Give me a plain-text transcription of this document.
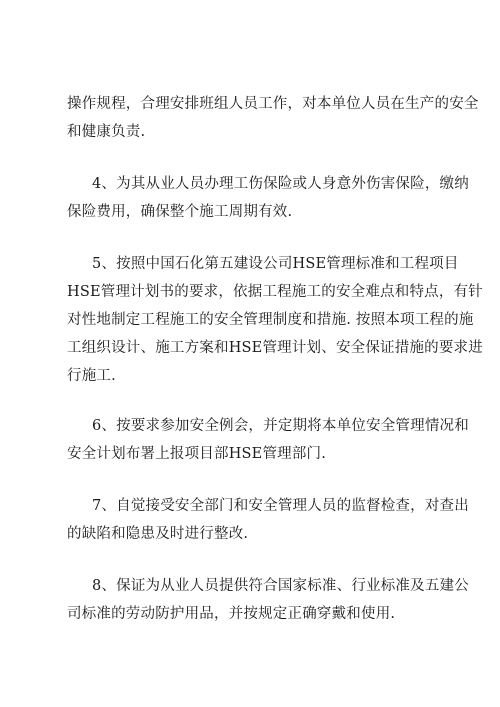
操作规程，合理安排班组人员工作，对本单位人员在生产的安全
和健康负责.
4、为其从业人员办理工伤保险或人身意外伤害保险，缴纳
保险费用，确保整个施工周期有效.
5、按照中国石化第五建设公司HSE管理标准和工程项目
HSE管理计划书的要求，依据工程施工的安全难点和特点，有针
对性地制定工程施工的安全管理制度和措施. 按照本项工程的施
工组织设计、施工方案和HSE管理计划、安全保证措施的要求进
行施工.
6、按要求参加安全例会，并定期将本单位安全管理情况和
安全计划布署上报项目部HSE管理部门.
7、自觉接受安全部门和安全管理人员的监督检查，对查出
的缺陷和隐患及时进行整改.
8、保证为从业人员提供符合国家标准、行业标准及五建公
司标准的劳动防护用品，并按规定正确穿戴和使用.
